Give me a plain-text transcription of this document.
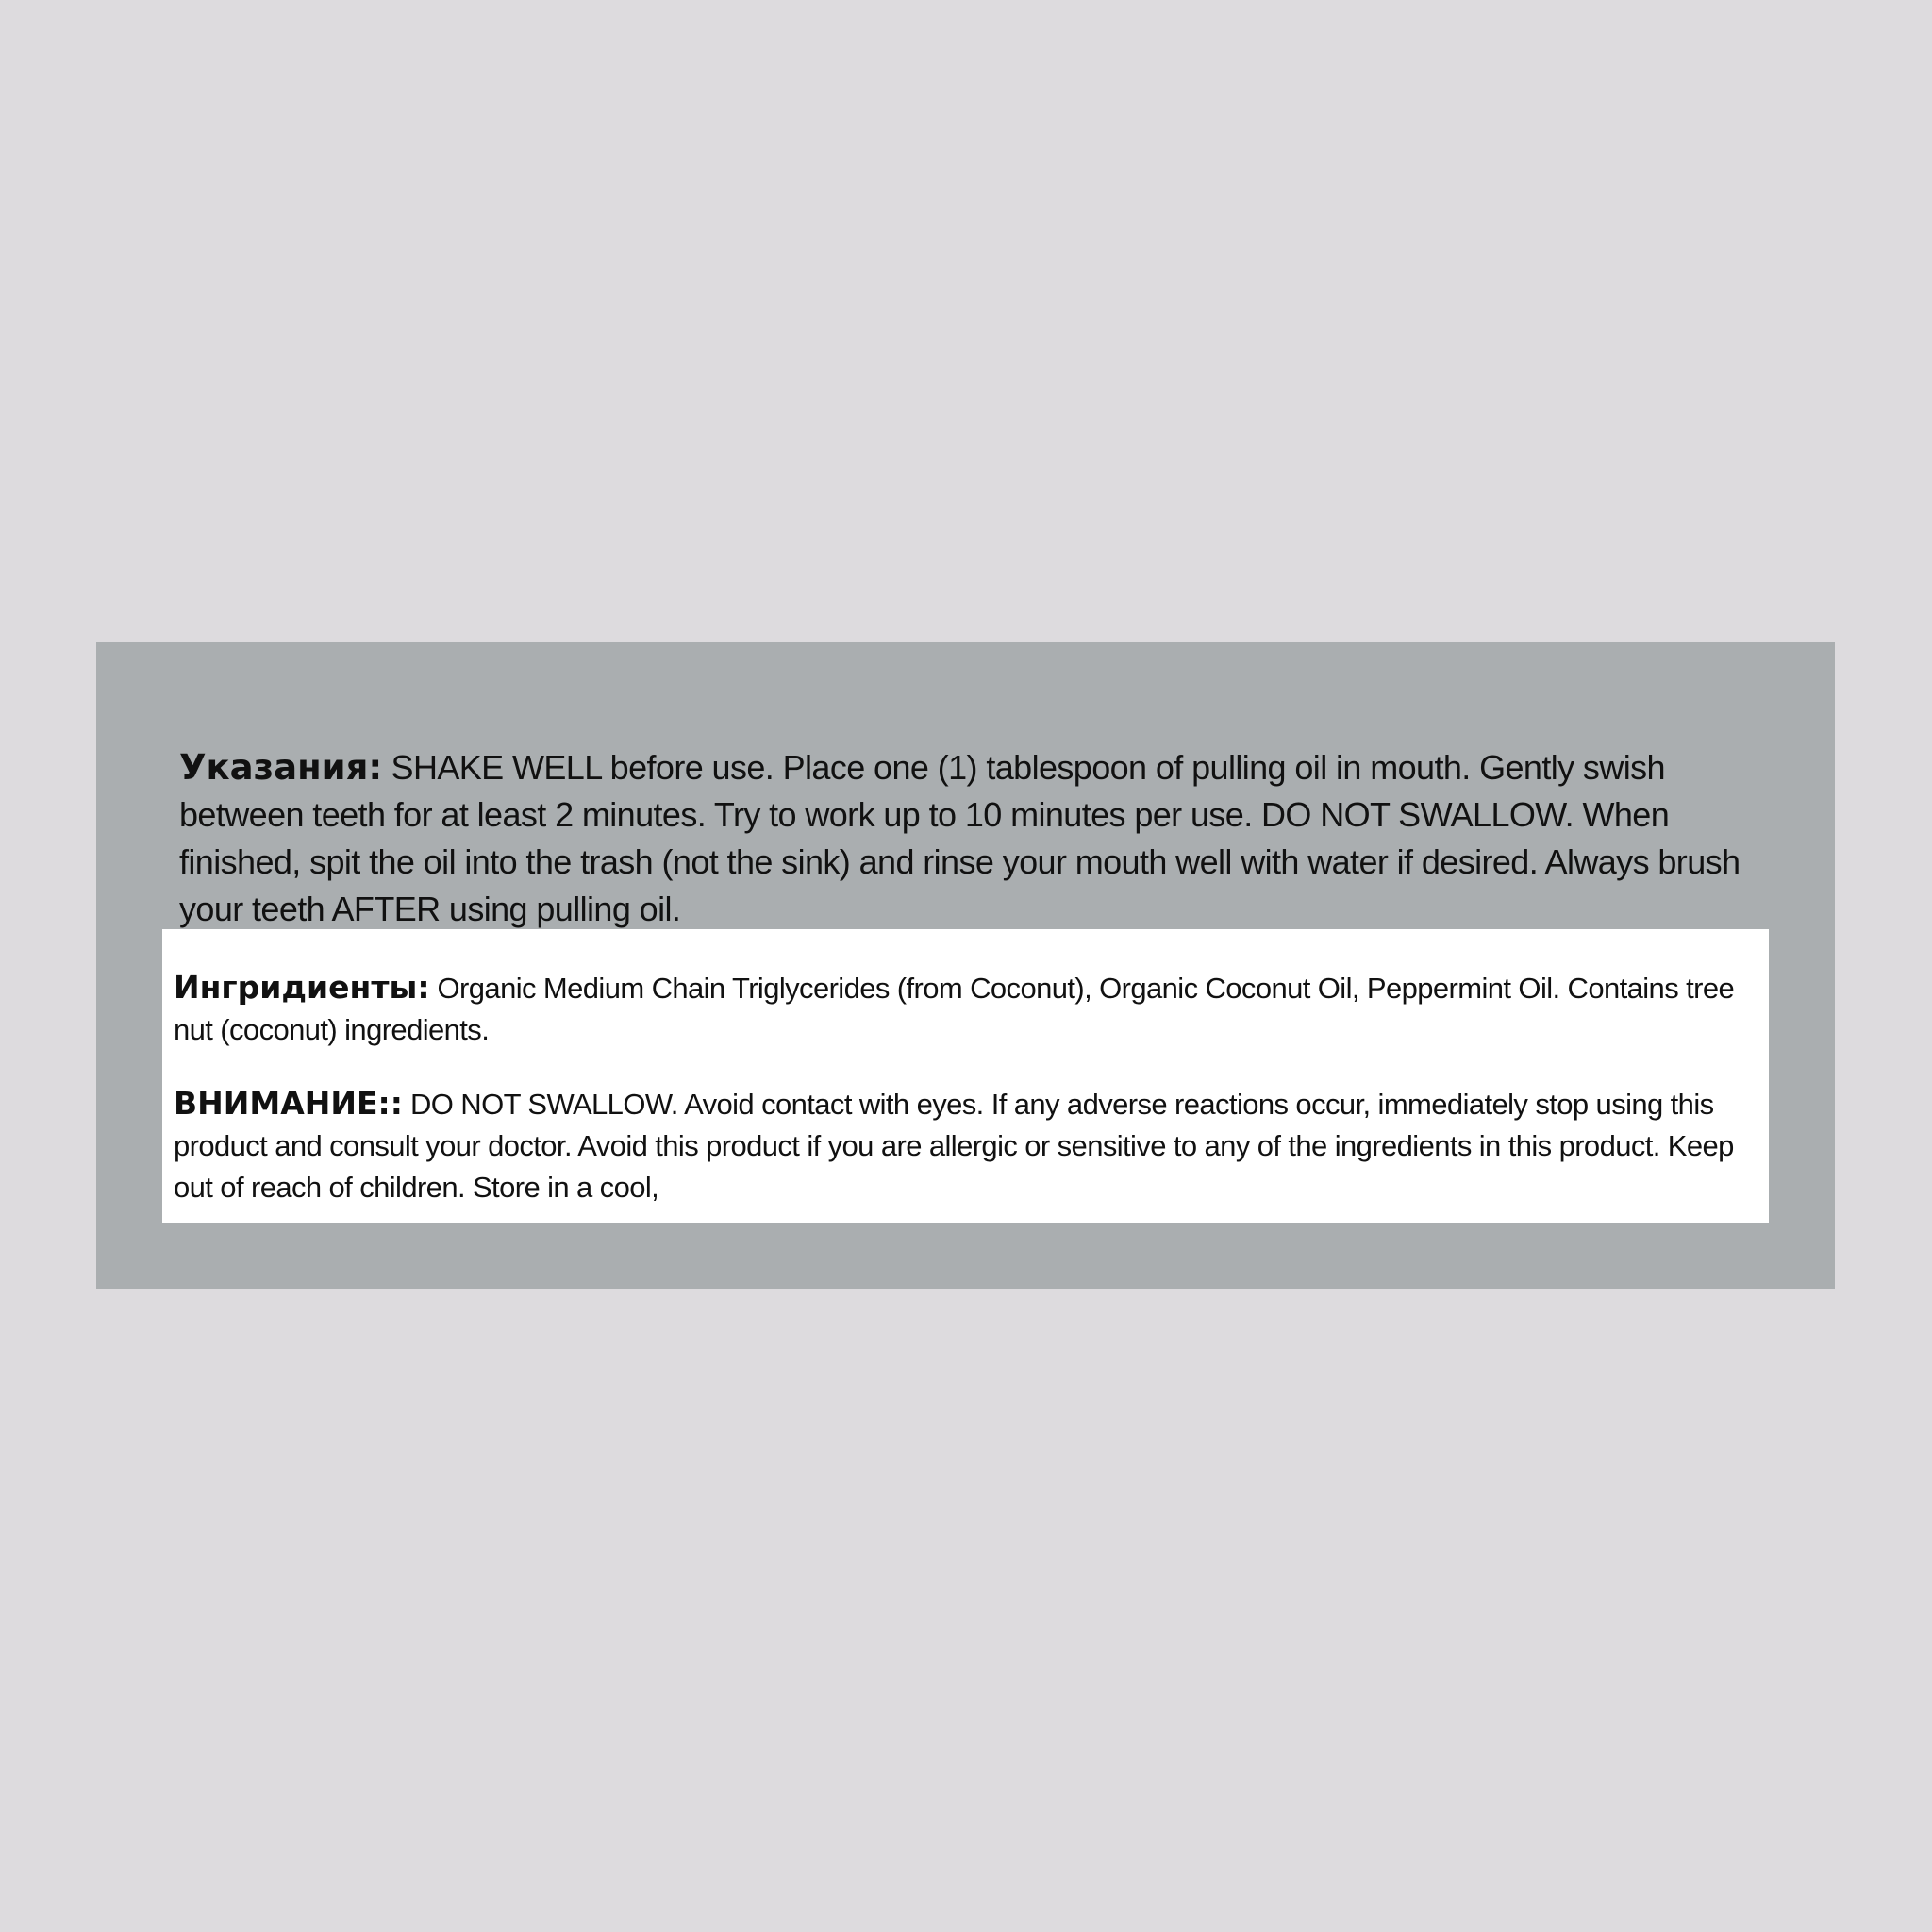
Указания: SHAKE WELL before use. Place one (1) tablespoon of pulling oil in mouth. Gently swish between teeth for at least 2 minutes. Try to work up to 10 minutes per use. DO NOT SWALLOW. When finished, spit the oil into the trash (not the sink) and rinse your mouth well with water if desired. Always brush your teeth AFTER using pulling oil.

Ингридиенты: Organic Medium Chain Triglycerides (from Coconut), Organic Coconut Oil, Peppermint Oil. Contains tree nut (coconut) ingredients.

ВНИМАНИЕ:: DO NOT SWALLOW. Avoid contact with eyes. If any adverse reactions occur, immediately stop using this product and consult your doctor. Avoid this product if you are allergic or sensitive to any of the ingredients in this product. Keep out of reach of children. Store in a cool,
